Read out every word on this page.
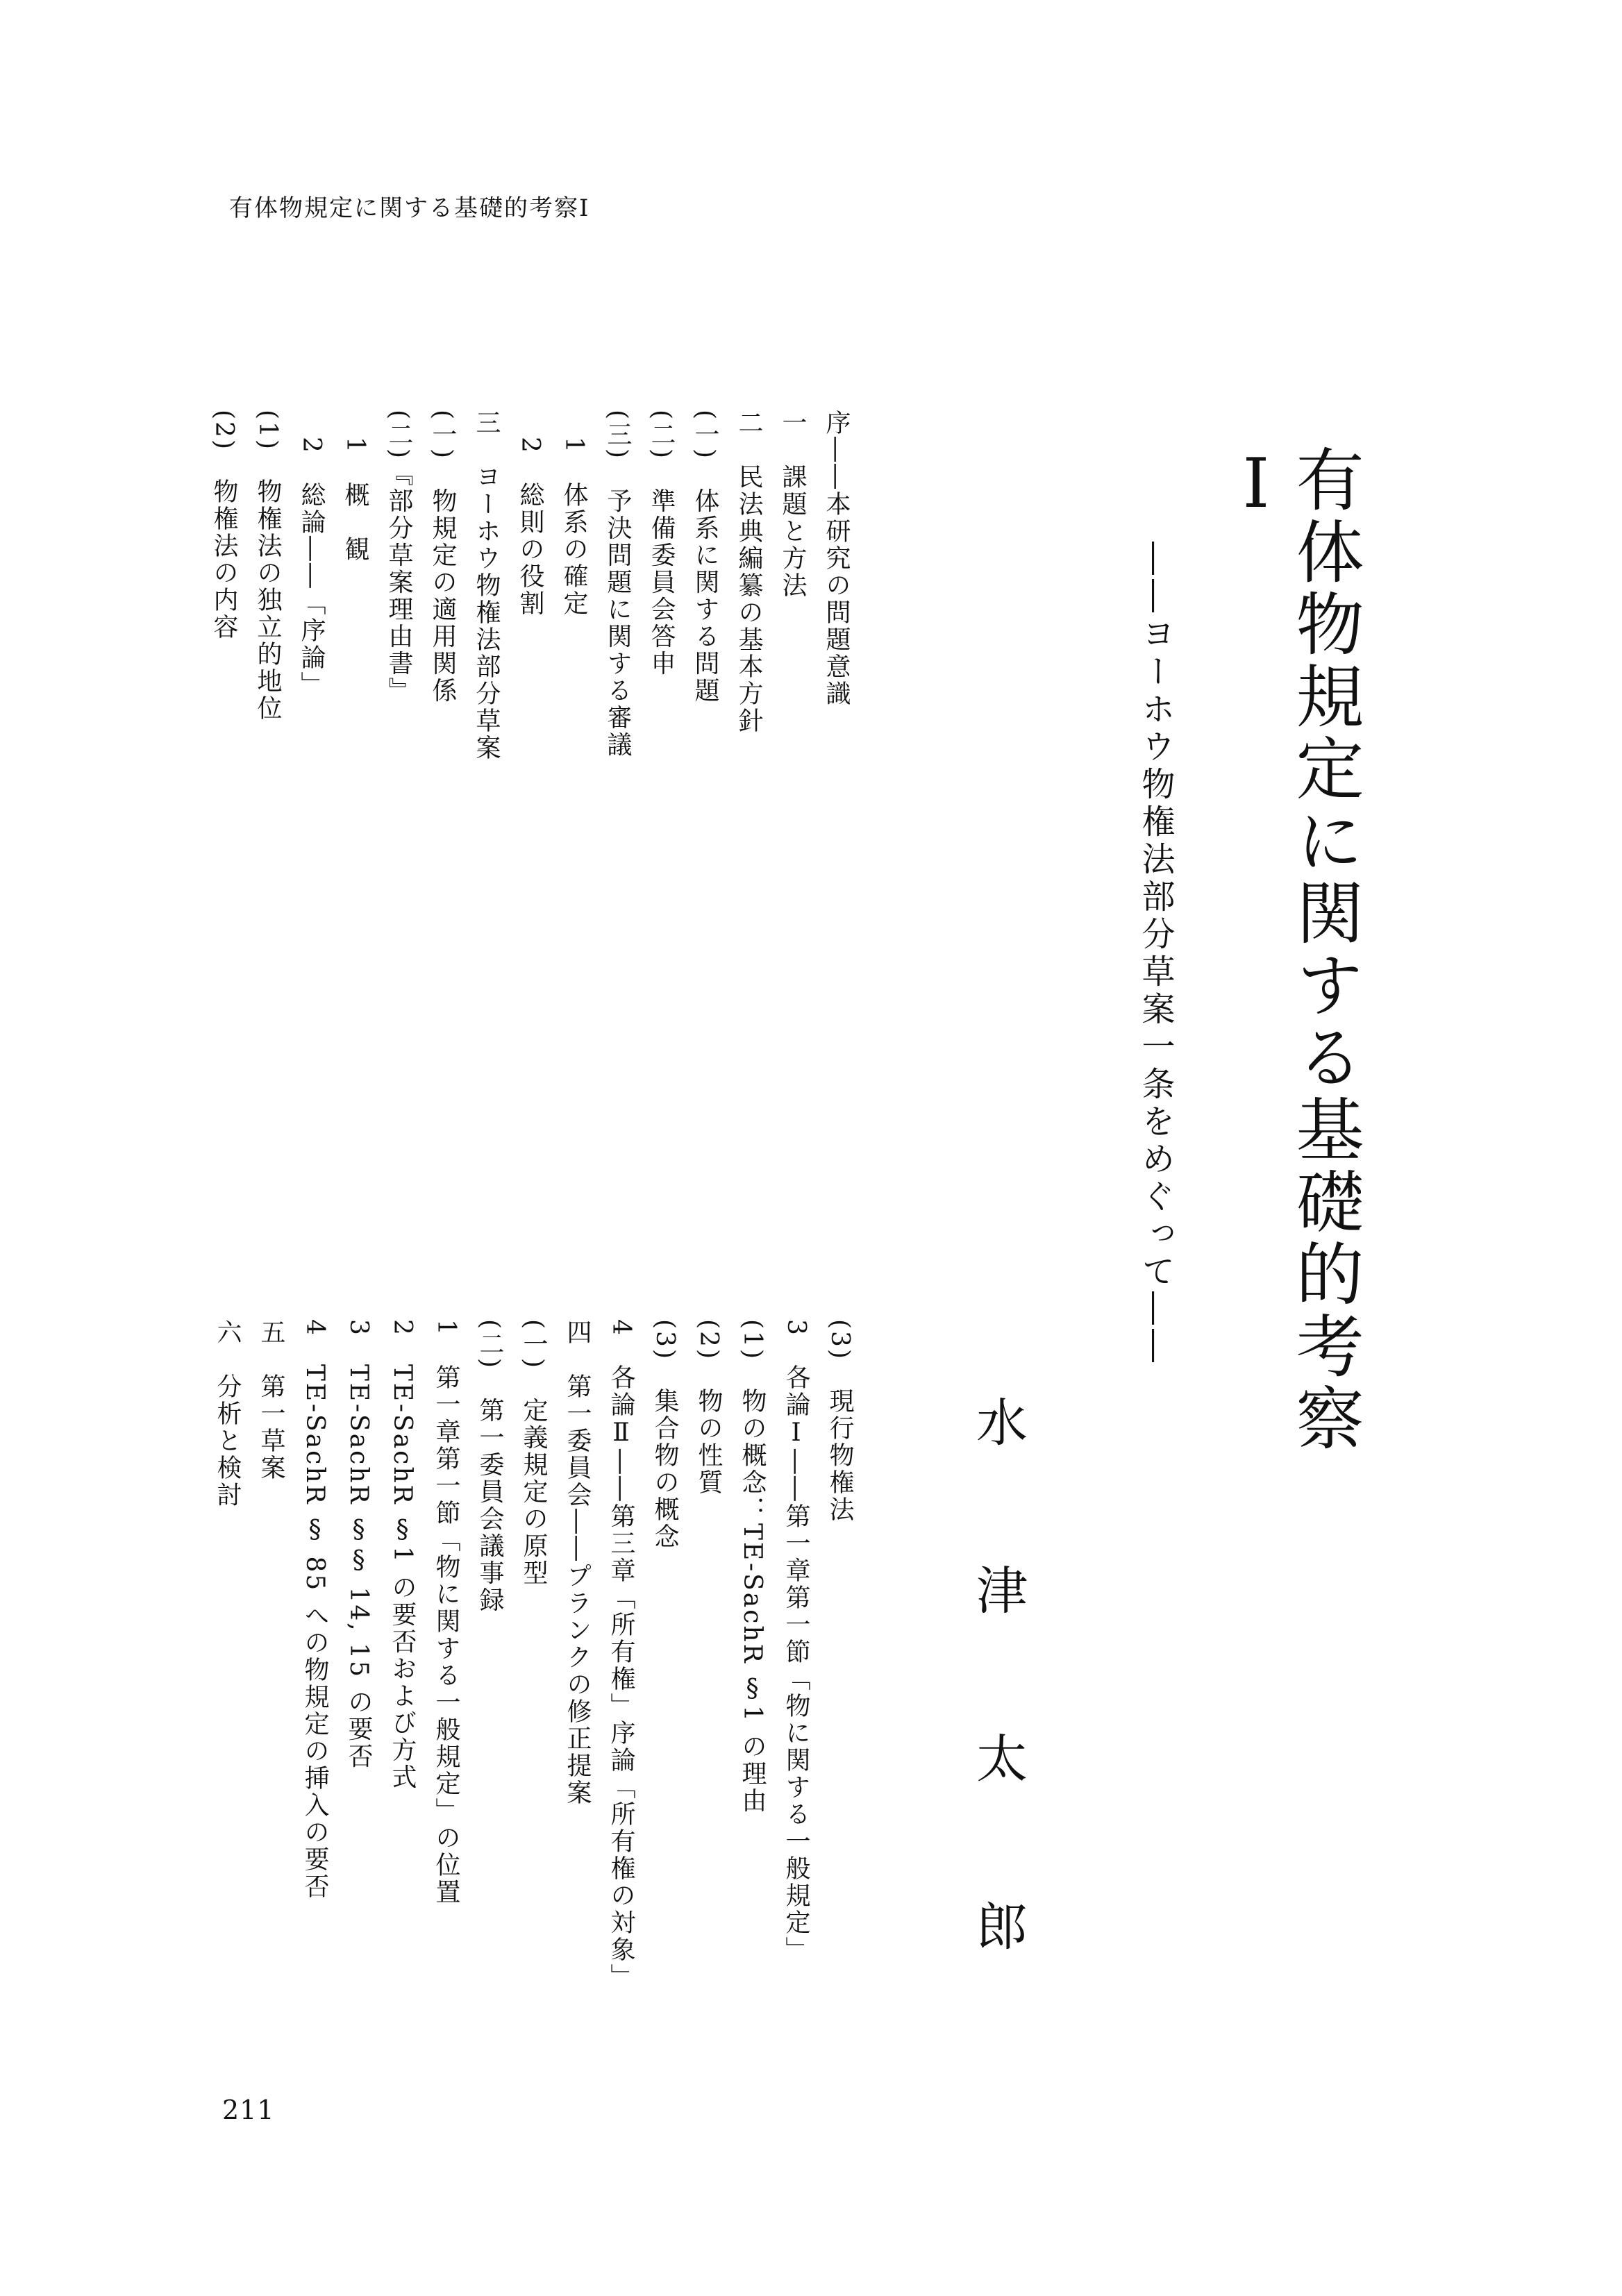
有体物規定に関する基礎的考察Ⅰ
有体物規定に関する基礎的考察Ⅰ
――ヨーホウ物権法部分草案一条をめぐって――
水
津
太
郎
序――本研究の問題意識
一　課題と方法
二　民法典編纂の基本方針
(一)　体系に関する問題
(二)　準備委員会答申
(三)　予決問題に関する審議
　1　体系の確定
　2　総則の役割
三　ヨーホウ物権法部分草案
(一)　物規定の適用関係
(二)『部分草案理由書』
　1　概　観
　2　総論――「序論」
(1)　物権法の独立的地位
(2)　物権法の内容
(3)　現行物権法
3　各論Ⅰ――第一章第一節「物に関する一般規定」
(1)　物の概念：TE-SachR §1 の理由
(2)　物の性質
(3)　集合物の概念
4　各論Ⅱ――第三章「所有権」序論「所有権の対象」
四　第一委員会――プランクの修正提案
(一)　定義規定の原型
(二)　第一委員会議事録
1　第一章第一節「物に関する一般規定」の位置
2　TE-SachR §1 の要否および方式
3　TE-SachR §§ 14, 15 の要否
4　TE-SachR § 85 への物規定の挿入の要否
五　第一草案
六　分析と検討
211
